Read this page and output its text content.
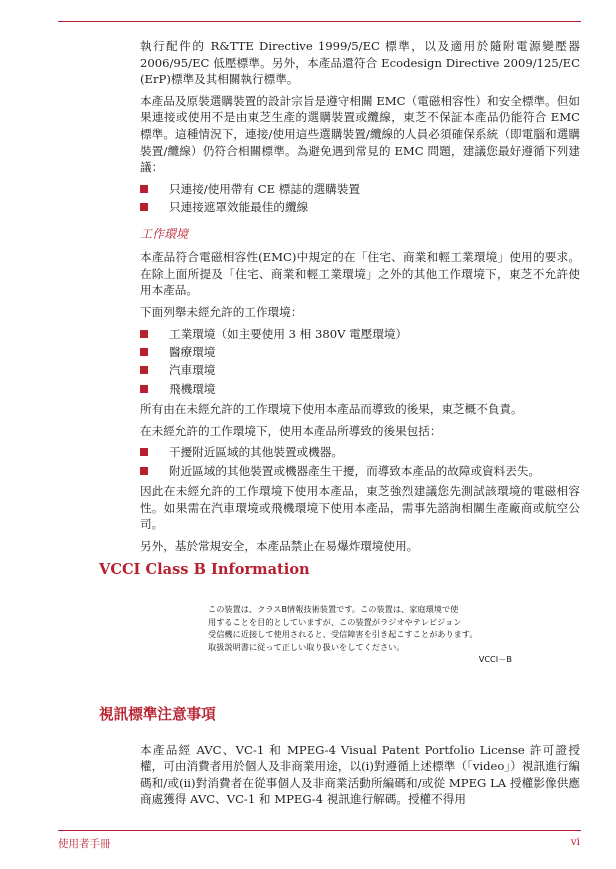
執行配件的 R&TTE Directive 1999/5/EC 標準，以及適用於隨附電源變壓器 2006/95/EC 低壓標準。另外，本產品還符合 Ecodesign Directive 2009/125/EC (ErP)標準及其相關執行標準。

本產品及原裝選購裝置的設計宗旨是遵守相關 EMC（電磁相容性）和安全標準。但如果連接或使用不是由東芝生產的選購裝置或纜線，東芝不保証本產品仍能符合 EMC 標準。這種情況下，連接/使用這些選購裝置/纜線的人員必須確保系統（即電腦和選購裝置/纜線）仍符合相關標準。為避免遇到常見的 EMC 問題，建議您最好遵循下列建議：

只連接/使用帶有 CE 標誌的選購裝置
只連接遮罩效能最佳的纜線

工作環境

本產品符合電磁相容性(EMC)中規定的在「住宅、商業和輕工業環境」使用的要求。在除上面所提及「住宅、商業和輕工業環境」之外的其他工作環境下，東芝不允許使用本產品。

下面列舉未經允許的工作環境：

工業環境（如主要使用 3 相 380V 電壓環境）
醫療環境
汽車環境
飛機環境

所有由在未經允許的工作環境下使用本產品而導致的後果，東芝概不負責。

在未經允許的工作環境下，使用本產品所導致的後果包括：

干擾附近區域的其他裝置或機器。
附近區域的其他裝置或機器產生干擾，而導致本產品的故障或資料丟失。

因此在未經允許的工作環境下使用本產品，東芝強烈建議您先測試該環境的電磁相容性。如果需在汽車環境或飛機環境下使用本產品，需事先諮詢相關生產廠商或航空公司。

另外，基於常規安全，本產品禁止在易爆炸環境使用。

VCCI Class B Information
この装置は、クラスB情報技術装置です。この装置は、家庭環境で使
用することを目的としていますが、この装置がラジオやテレビジョン
受信機に近接して使用されると、受信障害を引き起こすことがあります。
取扱説明書に従って正しい取り扱いをしてください。
VCCI－B
視訊標準注意事項

本產品經 AVC、VC-1 和 MPEG-4 Visual Patent Portfolio License 許可證授權，可由消費者用於個人及非商業用途，以(i)對遵循上述標準（「video」）視訊進行編碼和/或(ii)對消費者在從事個人及非商業活動所編碼和/或從 MPEG LA 授權影像供應商處獲得 AVC、VC-1 和 MPEG-4 視訊進行解碼。授權不得用

使用者手冊	vi
